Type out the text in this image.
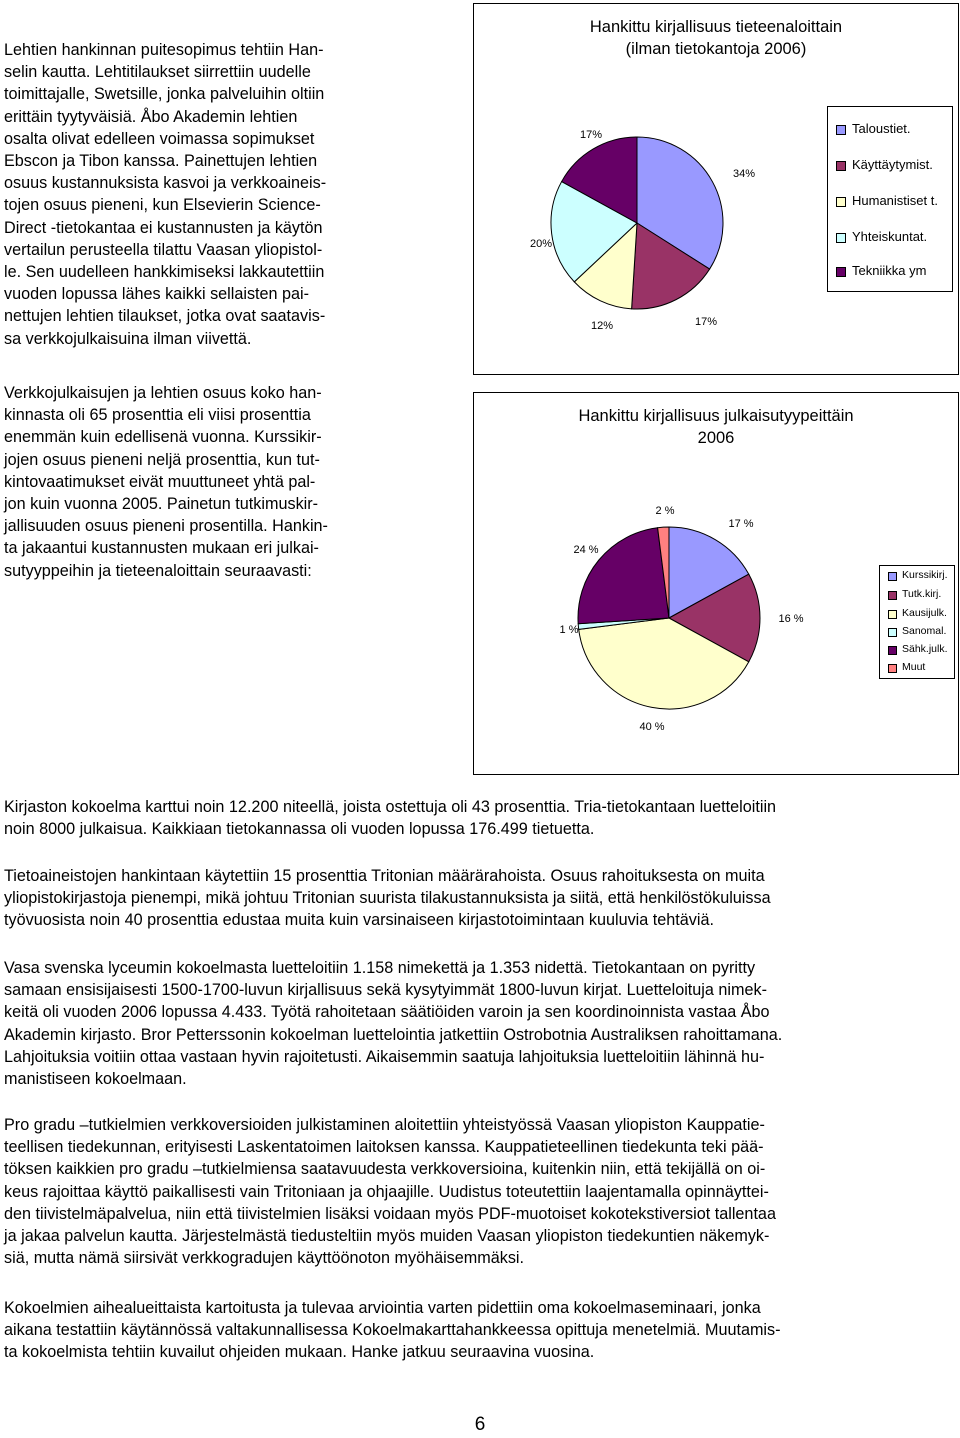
Lehtien hankinnan puitesopimus tehtiin Han-
selin kautta. Lehtitilaukset siirrettiin uudelle
toimittajalle, Swetsille, jonka palveluihin oltiin
erittäin tyytyväisiä. Åbo Akademin lehtien
osalta olivat edelleen voimassa sopimukset
Ebscon ja Tibon kanssa. Painettujen lehtien
osuus kustannuksista kasvoi ja verkkoaineis-
tojen osuus pieneni, kun Elsevierin Science-
Direct -tietokantaa ei kustannusten ja käytön
vertailun perusteella tilattu Vaasan yliopistol-
le. Sen uudelleen hankkimiseksi lakkautettiin
vuoden lopussa lähes kaikki sellaisten pai-
nettujen lehtien tilaukset, jotka ovat saatavis-
sa verkkojulkaisuina ilman viivettä.
Verkkojulkaisujen ja lehtien osuus koko han-
kinnasta oli 65 prosenttia eli viisi prosenttia
enemmän kuin edellisenä vuonna. Kurssikir-
jojen osuus pieneni neljä prosenttia, kun tut-
kintovaatimukset eivät muuttuneet yhtä pal-
jon kuin vuonna 2005. Painetun tutkimuskir-
jallisuuden osuus pieneni prosentilla. Hankin-
ta jakaantui kustannusten mukaan eri julkai-
sutyyppeihin ja tieteenaloittain seuraavasti:
Hankittu kirjallisuus tieteenaloittain
(ilman tietokantoja 2006)
34%
17%
12%
20%
17%	Taloustiet.
Käyttäytymist.
Humanistiset t.
Yhteiskuntat.
Tekniikka ym
Hankittu kirjallisuus julkaisutyypeittäin
2006
17 %
16 %
40 %
1 %
24 %
2 %
Kurssikirj.
Tutk.kirj.
Kausijulk.
Sanomal.
Sähk.julk.
Muut
Kirjaston kokoelma karttui noin 12.200 niteellä, joista ostettuja oli 43 prosenttia. Tria-tietokantaan luetteloitiin
noin 8000 julkaisua. Kaikkiaan tietokannassa oli vuoden lopussa 176.499 tietuetta.
Tietoaineistojen hankintaan käytettiin 15 prosenttia Tritonian määrärahoista. Osuus rahoituksesta on muita
yliopistokirjastoja pienempi, mikä johtuu Tritonian suurista tilakustannuksista ja siitä, että henkilöstökuluissa
työvuosista noin 40 prosenttia edustaa muita kuin varsinaiseen kirjastotoimintaan kuuluvia tehtäviä.
Vasa svenska lyceumin kokoelmasta luetteloitiin 1.158 nimekettä ja 1.353 nidettä. Tietokantaan on pyritty
samaan ensisijaisesti 1500-1700-luvun kirjallisuus sekä kysytyimmät 1800-luvun kirjat. Luetteloituja nimek-
keitä oli vuoden 2006 lopussa 4.433. Työtä rahoitetaan säätiöiden varoin ja sen koordinoinnista vastaa Åbo
Akademin kirjasto. Bror Petterssonin kokoelman luettelointia jatkettiin Ostrobotnia Australiksen rahoittamana.
Lahjoituksia voitiin ottaa vastaan hyvin rajoitetusti. Aikaisemmin saatuja lahjoituksia luetteloitiin lähinnä hu-
manistiseen kokoelmaan.
Pro gradu –tutkielmien verkkoversioiden julkistaminen aloitettiin yhteistyössä Vaasan yliopiston Kauppatie-
teellisen tiedekunnan, erityisesti Laskentatoimen laitoksen kanssa. Kauppatieteellinen tiedekunta teki pää-
töksen kaikkien pro gradu –tutkielmiensa saatavuudesta verkkoversioina, kuitenkin niin, että tekijällä on oi-
keus rajoittaa käyttö paikallisesti vain Tritoniaan ja ohjaajille. Uudistus toteutettiin laajentamalla opinnäyttei-
den tiivistelmäpalvelua, niin että tiivistelmien lisäksi voidaan myös PDF-muotoiset kokotekstiversiot tallentaa
ja jakaa palvelun kautta. Järjestelmästä tiedusteltiin myös muiden Vaasan yliopiston tiedekuntien näkemyk-
siä, mutta nämä siirsivät verkkogradujen käyttöönoton myöhäisemmäksi.
Kokoelmien aihealueittaista kartoitusta ja tulevaa arviointia varten pidettiin oma kokoelmaseminaari, jonka
aikana testattiin käytännössä valtakunnallisessa Kokoelmakarttahankkeessa opittuja menetelmiä. Muutamis-
ta kokoelmista tehtiin kuvailut ohjeiden mukaan. Hanke jatkuu seuraavina vuosina.
6
